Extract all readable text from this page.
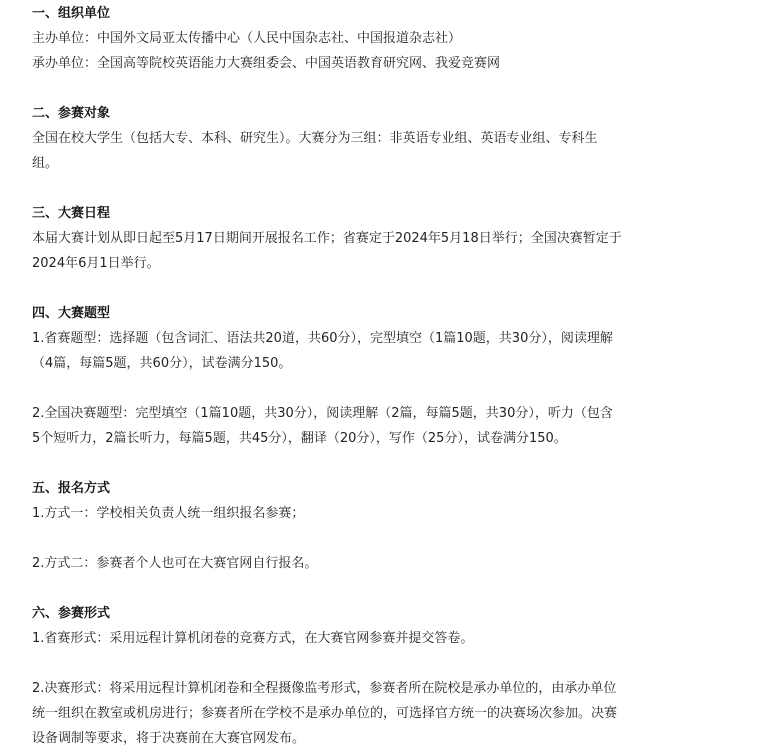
一、组织单位
主办单位：中国外文局亚太传播中心（人民中国杂志社、中国报道杂志社）
承办单位：全国高等院校英语能力大赛组委会、中国英语教育研究网、我爱竞赛网
二、参赛对象
全国在校大学生（包括大专、本科、研究生）。大赛分为三组：非英语专业组、英语专业组、专科生
组。
三、大赛日程
本届大赛计划从即日起至5月17日期间开展报名工作；省赛定于2024年5月18日举行；全国决赛暂定于
2024年6月1日举行。
四、大赛题型
1.省赛题型：选择题（包含词汇、语法共20道，共60分），完型填空（1篇10题，共30分），阅读理解
（4篇，每篇5题，共60分），试卷满分150。
2.全国决赛题型：完型填空（1篇10题，共30分），阅读理解（2篇，每篇5题，共30分），听力（包含
5个短听力，2篇长听力，每篇5题，共45分），翻译（20分），写作（25分），试卷满分150。
五、报名方式
1.方式一：学校相关负责人统一组织报名参赛；
2.方式二：参赛者个人也可在大赛官网自行报名。
六、参赛形式
1.省赛形式：采用远程计算机闭卷的竞赛方式，在大赛官网参赛并提交答卷。
2.决赛形式：将采用远程计算机闭卷和全程摄像监考形式，参赛者所在院校是承办单位的，由承办单位
统一组织在教室或机房进行；参赛者所在学校不是承办单位的，可选择官方统一的决赛场次参加。决赛
设备调制等要求，将于决赛前在大赛官网发布。
